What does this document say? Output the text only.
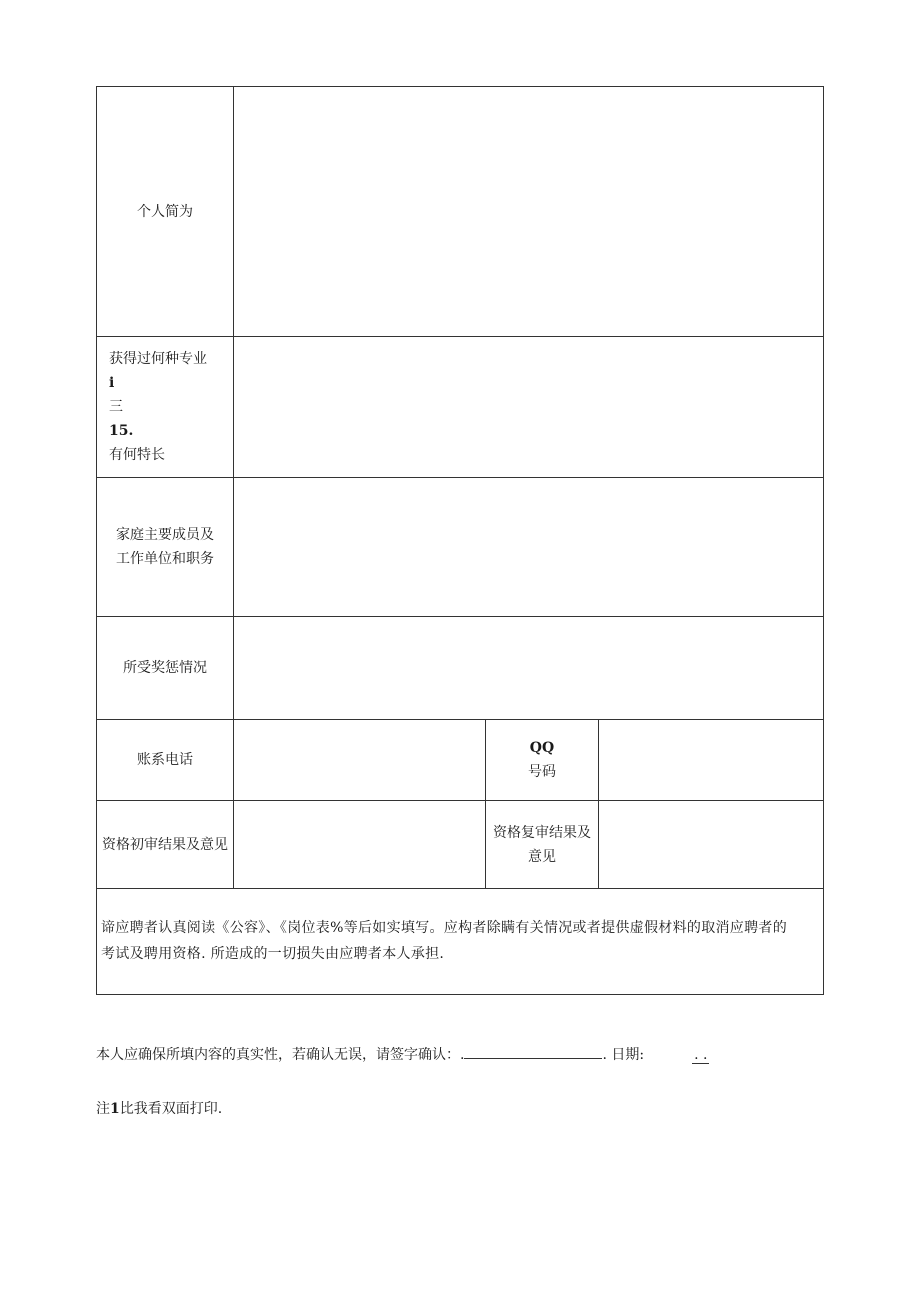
个人简为
获得过何种专业
i
三
15.
有何特长
家庭主要成员及
工作单位和职务
所受奖惩情况
账系电话
QQ
号码
资格初审结果及意见
资格复审结果及
意见
谛应聘者认真阅读《公容》、《岗位表%等后如实填写。应构者除瞒有关情况或者提供虚假材料的取消应聘者的
考试及聘用资格. 所造成的一切损失由应聘者本人承担.
本人应确保所填内容的真实性，若确认无误，请签字确认：.	. 日期:	. .
注1比我看双面打印.
